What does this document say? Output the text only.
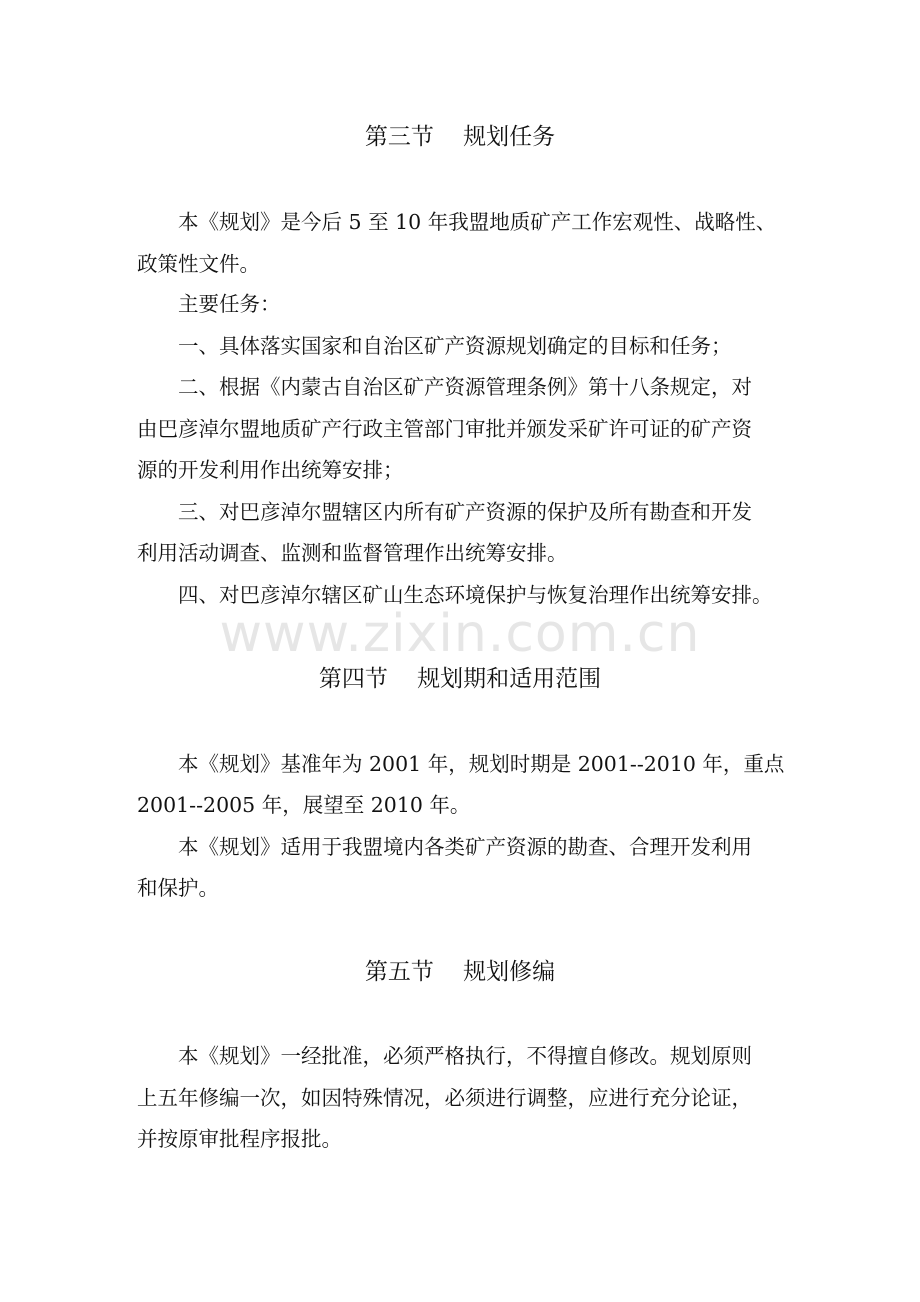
www.zixin.com.cn
第三节    规划任务
本《规划》是今后 5 至 10 年我盟地质矿产工作宏观性、战略性、
政策性文件。
主要任务：
一、具体落实国家和自治区矿产资源规划确定的目标和任务；
二、根据《内蒙古自治区矿产资源管理条例》第十八条规定，对
由巴彦淖尔盟地质矿产行政主管部门审批并颁发采矿许可证的矿产资
源的开发利用作出统筹安排；
三、对巴彦淖尔盟辖区内所有矿产资源的保护及所有勘查和开发
利用活动调查、监测和监督管理作出统筹安排。
四、对巴彦淖尔辖区矿山生态环境保护与恢复治理作出统筹安排。
第四节    规划期和适用范围
本《规划》基准年为 2001 年，规划时期是 2001--2010 年，重点
2001--2005 年，展望至 2010 年。
本《规划》适用于我盟境内各类矿产资源的勘查、合理开发利用
和保护。
第五节    规划修编
本《规划》一经批准，必须严格执行，不得擅自修改。规划原则
上五年修编一次，如因特殊情况，必须进行调整，应进行充分论证，
并按原审批程序报批。
